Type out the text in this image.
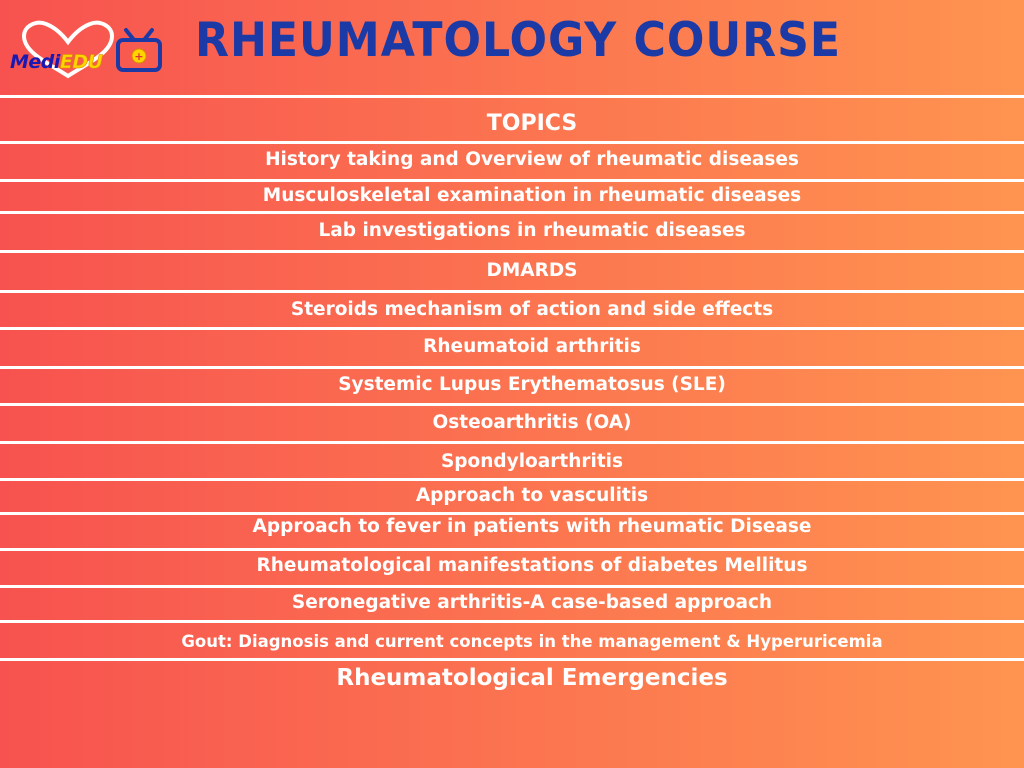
+
MediEDU RHEUMATOLOGY COURSE
TOPICS
History taking and Overview of rheumatic diseases
Musculoskeletal examination in rheumatic diseases
Lab investigations in rheumatic diseases
DMARDS
Steroids mechanism of action and side effects
Rheumatoid arthritis
Systemic Lupus Erythematosus (SLE)
Osteoarthritis (OA)
Spondyloarthritis
Approach to vasculitis
Approach to fever in patients with rheumatic Disease
Rheumatological manifestations of diabetes Mellitus
Seronegative arthritis-A case-based approach
Gout: Diagnosis and current concepts in the management & Hyperuricemia
Rheumatological Emergencies
